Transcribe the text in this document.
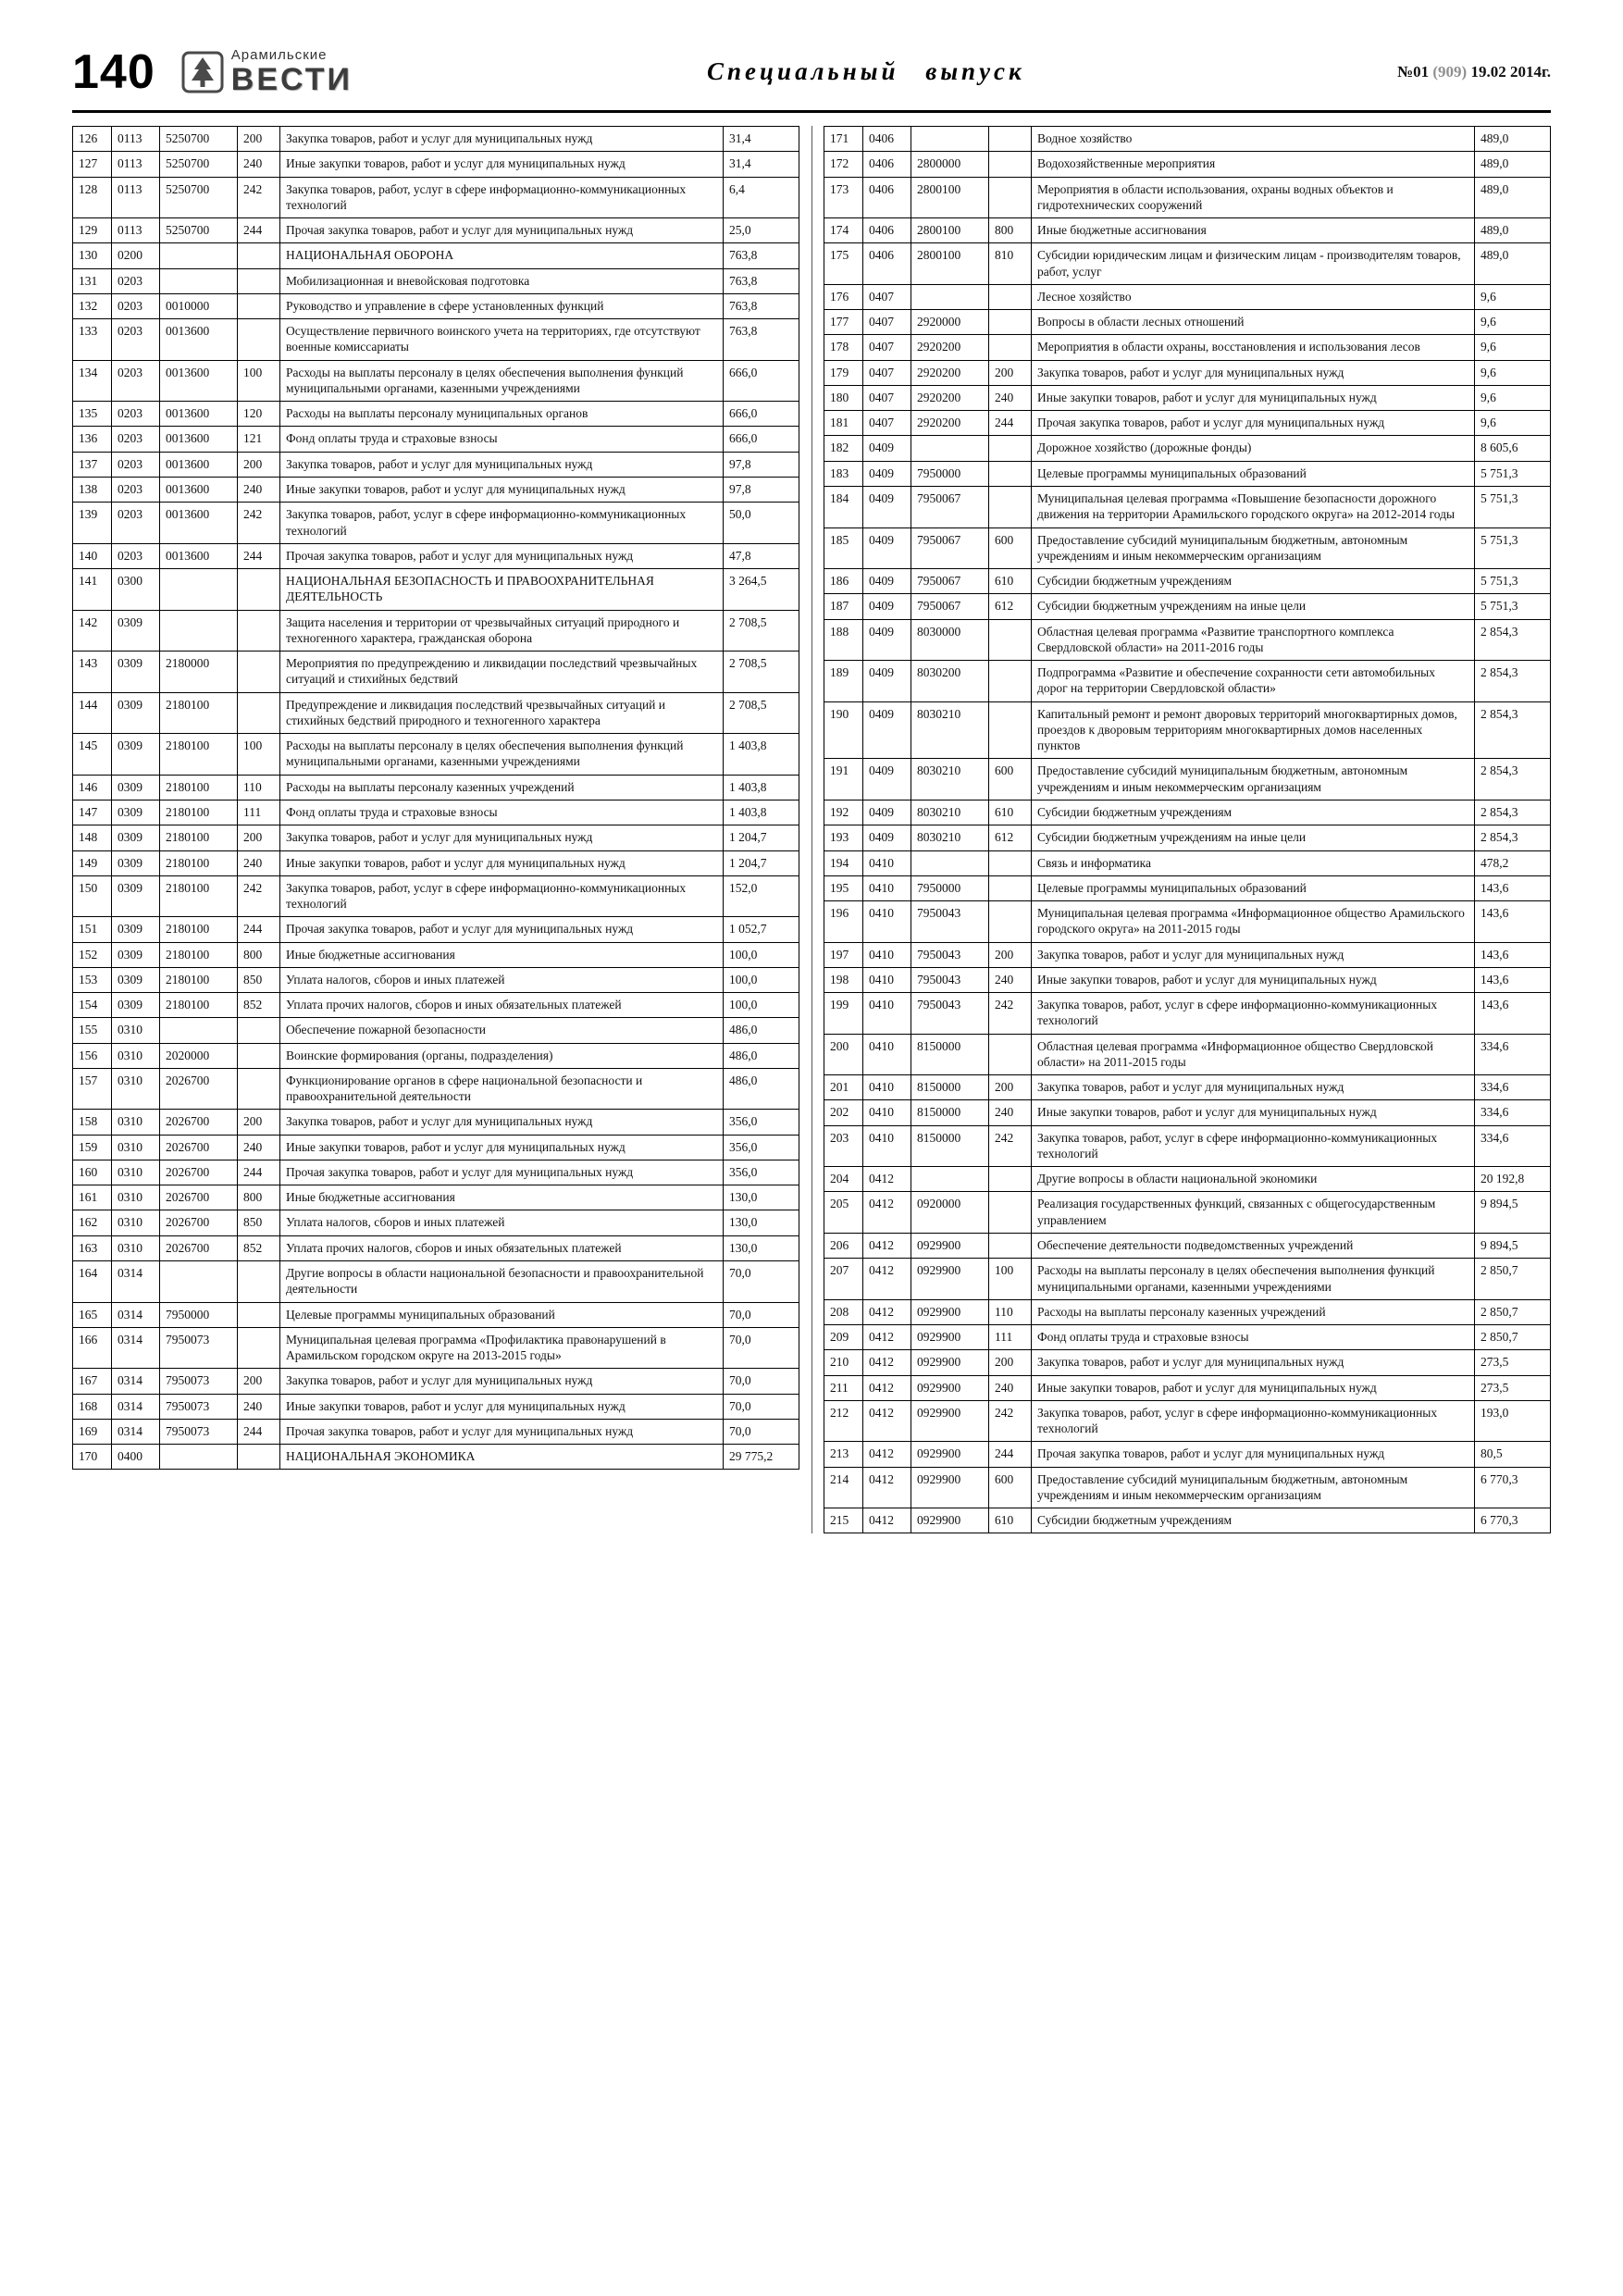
140	Арамильские
ВЕСТИ	Специальный выпуск	№01 (909) 19.02 2014г.
126	0113	5250700	200	Закупка товаров, работ и услуг для муниципальных нужд	31,4
127	0113	5250700	240	Иные закупки товаров, работ и услуг для муниципальных нужд	31,4
128	0113	5250700	242	Закупка товаров, работ, услуг в сфере информационно-коммуникационных технологий	6,4
129	0113	5250700	244	Прочая закупка товаров, работ и услуг для муниципальных нужд	25,0
130	0200			НАЦИОНАЛЬНАЯ ОБОРОНА	763,8
131	0203			Мобилизационная и вневойсковая подготовка	763,8
132	0203	0010000		Руководство и управление в сфере установленных функций	763,8
133	0203	0013600		Осуществление первичного воинского учета на территориях, где отсутствуют военные комиссариаты	763,8
134	0203	0013600	100	Расходы на выплаты персоналу в целях обеспечения выполнения функций муниципальными органами, казенными учреждениями	666,0
135	0203	0013600	120	Расходы на выплаты персоналу муниципальных органов	666,0
136	0203	0013600	121	Фонд оплаты труда и страховые взносы	666,0
137	0203	0013600	200	Закупка товаров, работ и услуг для муниципальных нужд	97,8
138	0203	0013600	240	Иные закупки товаров, работ и услуг для муниципальных нужд	97,8
139	0203	0013600	242	Закупка товаров, работ, услуг в сфере информационно-коммуникационных технологий	50,0
140	0203	0013600	244	Прочая закупка товаров, работ и услуг для муниципальных нужд	47,8
141	0300			НАЦИОНАЛЬНАЯ БЕЗОПАСНОСТЬ И ПРАВООХРАНИТЕЛЬНАЯ ДЕЯТЕЛЬНОСТЬ	3 264,5
142	0309			Защита населения и территории от чрезвычайных ситуаций природного и техногенного характера, гражданская оборона	2 708,5
143	0309	2180000		Мероприятия по предупреждению и ликвидации последствий чрезвычайных ситуаций и стихийных бедствий	2 708,5
144	0309	2180100		Предупреждение и ликвидация последствий чрезвычайных ситуаций и стихийных бедствий природного и техногенного характера	2 708,5
145	0309	2180100	100	Расходы на выплаты персоналу в целях обеспечения выполнения функций муниципальными органами, казенными учреждениями	1 403,8
146	0309	2180100	110	Расходы на выплаты персоналу казенных учреждений	1 403,8
147	0309	2180100	111	Фонд оплаты труда и страховые взносы	1 403,8
148	0309	2180100	200	Закупка товаров, работ и услуг для муниципальных нужд	1 204,7
149	0309	2180100	240	Иные закупки товаров, работ и услуг для муниципальных нужд	1 204,7
150	0309	2180100	242	Закупка товаров, работ, услуг в сфере информационно-коммуникационных технологий	152,0
151	0309	2180100	244	Прочая закупка товаров, работ и услуг для муниципальных нужд	1 052,7
152	0309	2180100	800	Иные бюджетные ассигнования	100,0
153	0309	2180100	850	Уплата налогов, сборов и иных платежей	100,0
154	0309	2180100	852	Уплата прочих налогов, сборов и иных обязательных платежей	100,0
155	0310			Обеспечение пожарной безопасности	486,0
156	0310	2020000		Воинские формирования (органы, подразделения)	486,0
157	0310	2026700		Функционирование органов в сфере национальной безопасности и правоохранительной деятельности	486,0
158	0310	2026700	200	Закупка товаров, работ и услуг для муниципальных нужд	356,0
159	0310	2026700	240	Иные закупки товаров, работ и услуг для муниципальных нужд	356,0
160	0310	2026700	244	Прочая закупка товаров, работ и услуг для муниципальных нужд	356,0
161	0310	2026700	800	Иные бюджетные ассигнования	130,0
162	0310	2026700	850	Уплата налогов, сборов и иных платежей	130,0
163	0310	2026700	852	Уплата прочих налогов, сборов и иных обязательных платежей	130,0
164	0314			Другие вопросы в области национальной безопасности и правоохранительной деятельности	70,0
165	0314	7950000		Целевые программы муниципальных образований	70,0
166	0314	7950073		Муниципальная целевая программа «Профилактика правонарушений в Арамильском городском округе на 2013-2015 годы»	70,0
167	0314	7950073	200	Закупка товаров, работ и услуг для муниципальных нужд	70,0
168	0314	7950073	240	Иные закупки товаров, работ и услуг для муниципальных нужд	70,0
169	0314	7950073	244	Прочая закупка товаров, работ и услуг для муниципальных нужд	70,0
170	0400			НАЦИОНАЛЬНАЯ ЭКОНОМИКА	29 775,2
171	0406			Водное хозяйство	489,0
172	0406	2800000		Водохозяйственные мероприятия	489,0
173	0406	2800100		Мероприятия в области использования, охраны водных объектов и гидротехнических сооружений	489,0
174	0406	2800100	800	Иные бюджетные ассигнования	489,0
175	0406	2800100	810	Субсидии юридическим лицам и физическим лицам - производителям товаров, работ, услуг	489,0
176	0407			Лесное хозяйство	9,6
177	0407	2920000		Вопросы в области лесных отношений	9,6
178	0407	2920200		Мероприятия в области охраны, восстановления и использования лесов	9,6
179	0407	2920200	200	Закупка товаров, работ и услуг для муниципальных нужд	9,6
180	0407	2920200	240	Иные закупки товаров, работ и услуг для муниципальных нужд	9,6
181	0407	2920200	244	Прочая закупка товаров, работ и услуг для муниципальных нужд	9,6
182	0409			Дорожное хозяйство (дорожные фонды)	8 605,6
183	0409	7950000		Целевые программы муниципальных образований	5 751,3
184	0409	7950067		Муниципальная целевая программа «Повышение безопасности дорожного движения на территории Арамильского городского округа» на 2012-2014 годы	5 751,3
185	0409	7950067	600	Предоставление субсидий муниципальным бюджетным, автономным учреждениям и иным некоммерческим организациям	5 751,3
186	0409	7950067	610	Субсидии бюджетным учреждениям	5 751,3
187	0409	7950067	612	Субсидии бюджетным учреждениям на иные цели	5 751,3
188	0409	8030000		Областная целевая программа «Развитие транспортного комплекса Свердловской области» на 2011-2016 годы	2 854,3
189	0409	8030200		Подпрограмма «Развитие и обеспечение сохранности сети автомобильных дорог на территории Свердловской области»	2 854,3
190	0409	8030210		Капитальный ремонт и ремонт дворовых территорий многоквартирных домов, проездов к дворовым территориям многоквартирных домов населенных пунктов	2 854,3
191	0409	8030210	600	Предоставление субсидий муниципальным бюджетным, автономным учреждениям и иным некоммерческим организациям	2 854,3
192	0409	8030210	610	Субсидии бюджетным учреждениям	2 854,3
193	0409	8030210	612	Субсидии бюджетным учреждениям на иные цели	2 854,3
194	0410			Связь и информатика	478,2
195	0410	7950000		Целевые программы муниципальных образований	143,6
196	0410	7950043		Муниципальная целевая программа «Информационное общество Арамильского городского округа» на 2011-2015 годы	143,6
197	0410	7950043	200	Закупка товаров, работ и услуг для муниципальных нужд	143,6
198	0410	7950043	240	Иные закупки товаров, работ и услуг для муниципальных нужд	143,6
199	0410	7950043	242	Закупка товаров, работ, услуг в сфере информационно-коммуникационных технологий	143,6
200	0410	8150000		Областная целевая программа «Информационное общество Свердловской области» на 2011-2015 годы	334,6
201	0410	8150000	200	Закупка товаров, работ и услуг для муниципальных нужд	334,6
202	0410	8150000	240	Иные закупки товаров, работ и услуг для муниципальных нужд	334,6
203	0410	8150000	242	Закупка товаров, работ, услуг в сфере информационно-коммуникационных технологий	334,6
204	0412			Другие вопросы в области национальной экономики	20 192,8
205	0412	0920000		Реализация государственных функций, связанных с общегосударственным управлением	9 894,5
206	0412	0929900		Обеспечение деятельности подведомственных учреждений	9 894,5
207	0412	0929900	100	Расходы на выплаты персоналу в целях обеспечения выполнения функций муниципальными органами, казенными учреждениями	2 850,7
208	0412	0929900	110	Расходы на выплаты персоналу казенных учреждений	2 850,7
209	0412	0929900	111	Фонд оплаты труда и страховые взносы	2 850,7
210	0412	0929900	200	Закупка товаров, работ и услуг для муниципальных нужд	273,5
211	0412	0929900	240	Иные закупки товаров, работ и услуг для муниципальных нужд	273,5
212	0412	0929900	242	Закупка товаров, работ, услуг в сфере информационно-коммуникационных технологий	193,0
213	0412	0929900	244	Прочая закупка товаров, работ и услуг для муниципальных нужд	80,5
214	0412	0929900	600	Предоставление субсидий муниципальным бюджетным, автономным учреждениям и иным некоммерческим организациям	6 770,3
215	0412	0929900	610	Субсидии бюджетным учреждениям	6 770,3
